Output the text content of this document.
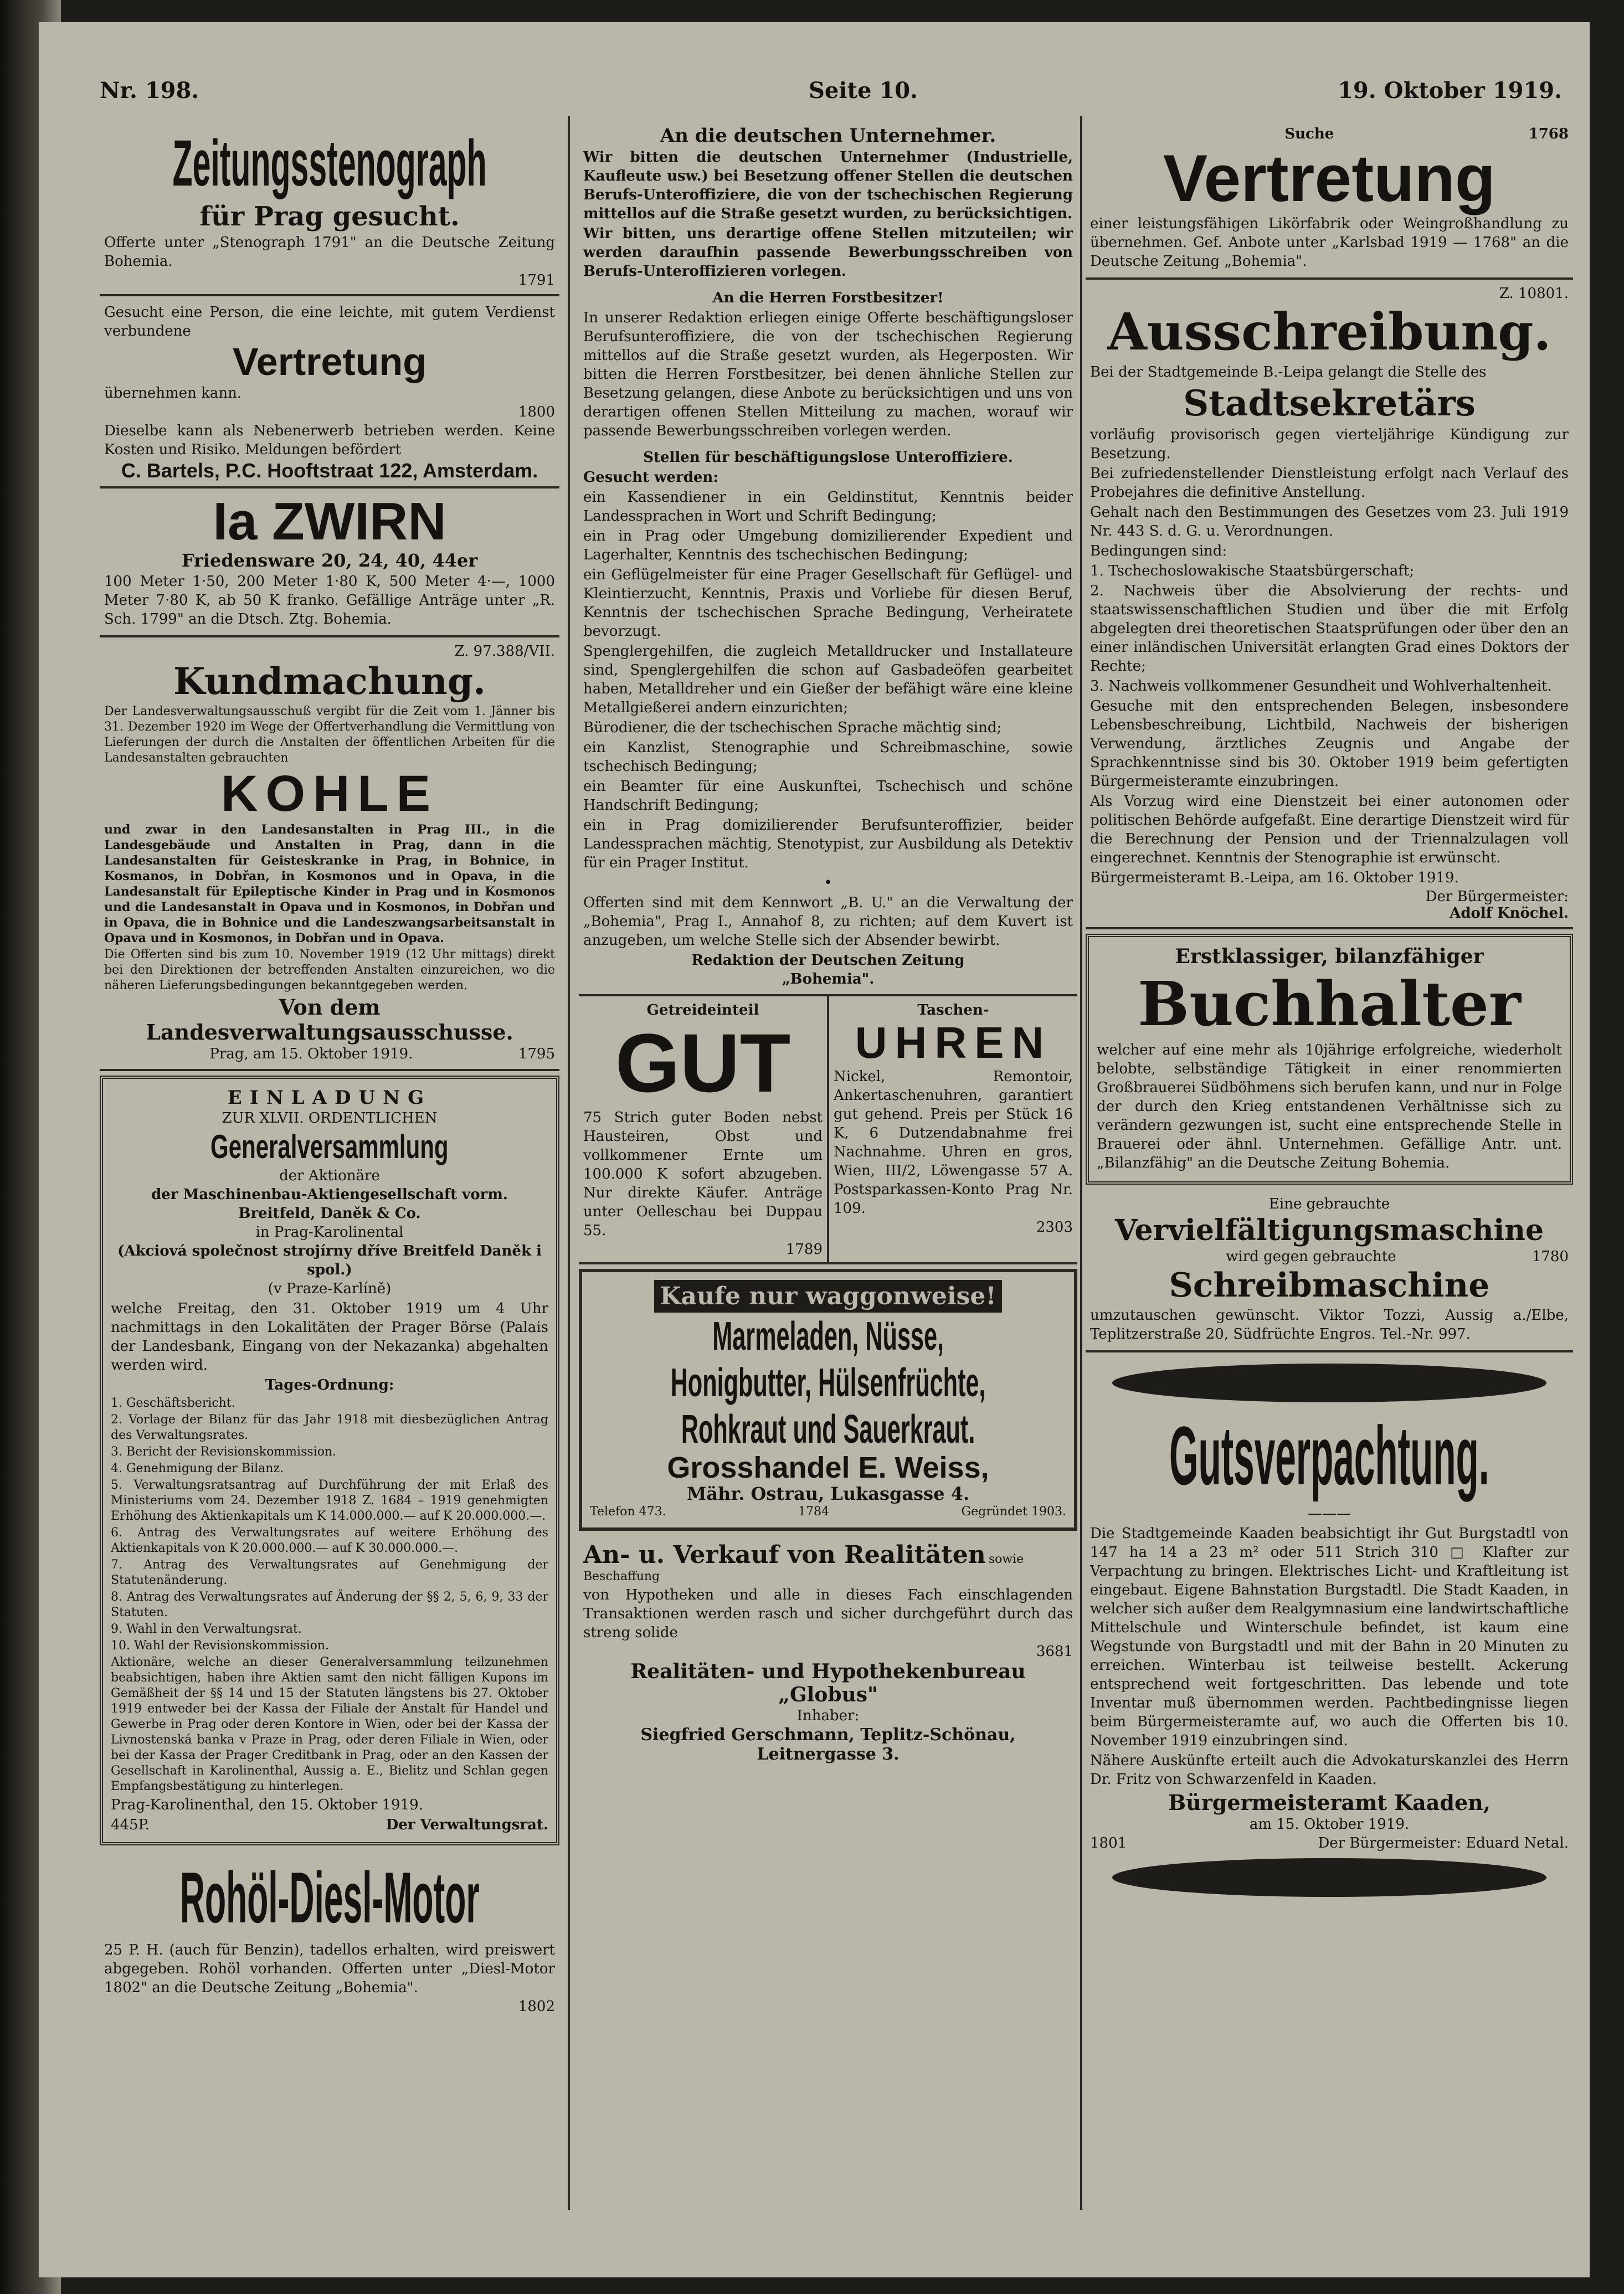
Nr. 198.	Seite 10.	19. Oktober 1919.
Zeitungsstenograph
für Prag gesucht.

Offerte unter „Stenograph 1791" an die Deutsche Zeitung Bohemia.

1791

Gesucht eine Person, die eine leichte, mit gutem Verdienst verbundene

Vertretung

übernehmen kann.

1800

Dieselbe kann als Nebenerwerb betrieben werden. Keine Kosten und Risiko. Meldungen befördert

C. Bartels, P.C. Hooftstraat 122, Amsterdam.
Ia ZWIRN
Friedensware 20, 24, 40, 44er

100 Meter 1·50, 200 Meter 1·80 K, 500 Meter 4·—, 1000 Meter 7·80 K, ab 50 K franko. Gefällige Anträge unter „R. Sch. 1799" an die Dtsch. Ztg. Bohemia.

Z. 97.388/VII.
Kundmachung.

Der Landesverwaltungsausschuß vergibt für die Zeit vom 1. Jänner bis 31. Dezember 1920 im Wege der Offertverhandlung die Vermittlung von Lieferungen der durch die Anstalten der öffentlichen Arbeiten für die Landesanstalten gebrauchten

KOHLE

und zwar in den Landesanstalten in Prag III., in die Landesgebäude und Anstalten in Prag, dann in die Landesanstalten für Geisteskranke in Prag, in Bohnice, in Kosmanos, in Dobřan, in Kosmonos und in Opava, in die Landesanstalt für Epileptische Kinder in Prag und in Kosmonos und die Landesanstalt in Opava und in Kosmonos, in Dobřan und in Opava, die in Bohnice und die Landeszwangsarbeitsanstalt in Opava und in Kosmonos, in Dobřan und in Opava.

Die Offerten sind bis zum 10. November 1919 (12 Uhr mittags) direkt bei den Direktionen der betreffenden Anstalten einzureichen, wo die näheren Lieferungsbedingungen bekanntgegeben werden.

Von dem Landesverwaltungsausschusse.
Prag, am 15. Oktober 1919.	1795
EINLADUNG
ZUR XLVII. ORDENTLICHEN
Generalversammlung
der Aktionäre
der Maschinenbau-Aktiengesellschaft vorm. Breitfeld, Daněk & Co.
in Prag-Karolinental
(Akciová společnost strojírny dříve Breitfeld Daněk i spol.)
(v Praze-Karlíně)

welche Freitag, den 31. Oktober 1919 um 4 Uhr nachmittags in den Lokalitäten der Prager Börse (Palais der Landesbank, Eingang von der Nekazanka) abgehalten werden wird.

Tages-Ordnung:

1. Geschäftsbericht.

2. Vorlage der Bilanz für das Jahr 1918 mit diesbezüglichen Antrag des Verwaltungsrates.

3. Bericht der Revisionskommission.

4. Genehmigung der Bilanz.

5. Verwaltungsratsantrag auf Durchführung der mit Erlaß des Ministeriums vom 24. Dezember 1918 Z. 1684 – 1919 genehmigten Erhöhung des Aktienkapitals um K 14.000.000.— auf K 20.000.000.—.

6. Antrag des Verwaltungsrates auf weitere Erhöhung des Aktienkapitals von K 20.000.000.— auf K 30.000.000.—.

7. Antrag des Verwaltungsrates auf Genehmigung der Statutenänderung.

8. Antrag des Verwaltungsrates auf Änderung der §§ 2, 5, 6, 9, 33 der Statuten.

9. Wahl in den Verwaltungsrat.

10. Wahl der Revisionskommission.

Aktionäre, welche an dieser Generalversammlung teilzunehmen beabsichtigen, haben ihre Aktien samt den nicht fälligen Kupons im Gemäßheit der §§ 14 und 15 der Statuten längstens bis 27. Oktober 1919 entweder bei der Kassa der Filiale der Anstalt für Handel und Gewerbe in Prag oder deren Kontore in Wien, oder bei der Kassa der Livnostenská banka v Praze in Prag, oder deren Filiale in Wien, oder bei der Kassa der Prager Creditbank in Prag, oder an den Kassen der Gesellschaft in Karolinenthal, Aussig a. E., Bielitz und Schlan gegen Empfangsbestätigung zu hinterlegen.

Prag-Karolinenthal, den 15. Oktober 1919.

445P.	Der Verwaltungsrat.
Rohöl-Diesl-Motor

25 P. H. (auch für Benzin), tadellos erhalten, wird preiswert abgegeben. Rohöl vorhanden. Offerten unter „Diesl-Motor 1802" an die Deutsche Zeitung „Bohemia".

1802
An die deutschen Unternehmer.

Wir bitten die deutschen Unternehmer (Industrielle, Kaufleute usw.) bei Besetzung offener Stellen die deutschen Berufs-Unteroffiziere, die von der tschechischen Regierung mittellos auf die Straße gesetzt wurden, zu berücksichtigen.

Wir bitten, uns derartige offene Stellen mitzuteilen; wir werden daraufhin passende Bewerbungsschreiben von Berufs-Unteroffizieren vorlegen.

An die Herren Forstbesitzer!

In unserer Redaktion erliegen einige Offerte beschäftigungsloser Berufsunteroffiziere, die von der tschechischen Regierung mittellos auf die Straße gesetzt wurden, als Hegerposten. Wir bitten die Herren Forstbesitzer, bei denen ähnliche Stellen zur Besetzung gelangen, diese Anbote zu berücksichtigen und uns von derartigen offenen Stellen Mitteilung zu machen, worauf wir passende Bewerbungsschreiben vorlegen werden.

Stellen für beschäftigungslose Unteroffiziere.

Gesucht werden:

ein Kassendiener in ein Geldinstitut, Kenntnis beider Landessprachen in Wort und Schrift Bedingung;

ein in Prag oder Umgebung domizilierender Expedient und Lagerhalter, Kenntnis des tschechischen Bedingung;

ein Geflügelmeister für eine Prager Gesellschaft für Geflügel- und Kleintierzucht, Kenntnis, Praxis und Vorliebe für diesen Beruf, Kenntnis der tschechischen Sprache Bedingung, Verheiratete bevorzugt.

Spenglergehilfen, die zugleich Metalldrucker und Installateure sind, Spenglergehilfen die schon auf Gasbadeöfen gearbeitet haben, Metalldreher und ein Gießer der befähigt wäre eine kleine Metallgießerei andern einzurichten;

Bürodiener, die der tschechischen Sprache mächtig sind;

ein Kanzlist, Stenographie und Schreibmaschine, sowie tschechisch Bedingung;

ein Beamter für eine Auskunftei, Tschechisch und schöne Handschrift Bedingung;

ein in Prag domizilierender Berufsunteroffizier, beider Landessprachen mächtig, Stenotypist, zur Ausbildung als Detektiv für ein Prager Institut.

•

Offerten sind mit dem Kennwort „B. U." an die Verwaltung der „Bohemia", Prag I., Annahof 8, zu richten; auf dem Kuvert ist anzugeben, um welche Stelle sich der Absender bewirbt.

Redaktion der Deutschen Zeitung
„Bohemia".
Getreideinteil
GUT

75 Strich guter Boden nebst Hausteiren, Obst und vollkommener Ernte um 100.000 K sofort abzugeben. Nur direkte Käufer. Anträge unter Oelleschau bei Duppau 55.

1789
Taschen-
UHREN

Nickel, Remontoir, Ankertaschenuhren, garantiert gut gehend. Preis per Stück 16 K, 6 Dutzendabnahme frei Nachnahme. Uhren en gros, Wien, III/2, Löwengasse 57 A. Postsparkassen-Konto Prag Nr. 109.

2303
Kaufe nur waggonweise!
Marmeladen, Nüsse,
Honigbutter, Hülsenfrüchte,
Rohkraut und Sauerkraut.
Grosshandel E. Weiss,
Mähr. Ostrau, Lukasgasse 4.
Telefon 473.	1784	Gegründet 1903.
An- u. Verkauf von Realitäten sowie Beschaffung

von Hypotheken und alle in dieses Fach einschlagenden Transaktionen werden rasch und sicher durchgeführt durch das streng solide

3681
Realitäten- und Hypothekenbureau „Globus"
Inhaber:
Siegfried Gerschmann, Teplitz-Schönau, Leitnergasse 3.
Suche	1768
Vertretung

einer leistungsfähigen Likörfabrik oder Weingroßhandlung zu übernehmen. Gef. Anbote unter „Karlsbad 1919 — 1768" an die Deutsche Zeitung „Bohemia".

Z. 10801.
Ausschreibung.

Bei der Stadtgemeinde B.-Leipa gelangt die Stelle des

Stadtsekretärs

vorläufig provisorisch gegen vierteljährige Kündigung zur Besetzung.

Bei zufriedenstellender Dienstleistung erfolgt nach Verlauf des Probejahres die definitive Anstellung.

Gehalt nach den Bestimmungen des Gesetzes vom 23. Juli 1919 Nr. 443 S. d. G. u. Verordnungen.

Bedingungen sind:

1. Tschechoslowakische Staatsbürgerschaft;

2. Nachweis über die Absolvierung der rechts- und staatswissenschaftlichen Studien und über die mit Erfolg abgelegten drei theoretischen Staatsprüfungen oder über den an einer inländischen Universität erlangten Grad eines Doktors der Rechte;

3. Nachweis vollkommener Gesundheit und Wohlverhaltenheit.

Gesuche mit den entsprechenden Belegen, insbesondere Lebensbeschreibung, Lichtbild, Nachweis der bisherigen Verwendung, ärztliches Zeugnis und Angabe der Sprachkenntnisse sind bis 30. Oktober 1919 beim gefertigten Bürgermeisteramte einzubringen.

Als Vorzug wird eine Dienstzeit bei einer autonomen oder politischen Behörde aufgefaßt. Eine derartige Dienstzeit wird für die Berechnung der Pension und der Triennalzulagen voll eingerechnet. Kenntnis der Stenographie ist erwünscht.

Bürgermeisteramt B.-Leipa, am 16. Oktober 1919.

Der Bürgermeister:
Adolf Knöchel.
Erstklassiger, bilanzfähiger
Buchhalter

welcher auf eine mehr als 10jährige erfolgreiche, wiederholt belobte, selbständige Tätigkeit in einer renommierten Großbrauerei Südböhmens sich berufen kann, und nur in Folge der durch den Krieg entstandenen Verhältnisse sich zu verändern gezwungen ist, sucht eine entsprechende Stelle in Brauerei oder ähnl. Unternehmen. Gefällige Antr. unt. „Bilanzfähig" an die Deutsche Zeitung Bohemia.

Eine gebrauchte
Vervielfältigungsmaschine
wird gegen gebrauchte	1780
Schreibmaschine

umzutauschen gewünscht. Viktor Tozzi, Aussig a./Elbe, Teplitzerstraße 20, Südfrüchte Engros. Tel.-Nr. 997.

Gutsverpachtung.
———

Die Stadtgemeinde Kaaden beabsichtigt ihr Gut Burgstadtl von 147 ha 14 a 23 m² oder 511 Strich 310 □ Klafter zur Verpachtung zu bringen. Elektrisches Licht- und Kraftleitung ist eingebaut. Eigene Bahnstation Burgstadtl. Die Stadt Kaaden, in welcher sich außer dem Realgymnasium eine landwirtschaftliche Mittelschule und Winterschule befindet, ist kaum eine Wegstunde von Burgstadtl und mit der Bahn in 20 Minuten zu erreichen. Winterbau ist teilweise bestellt. Ackerung entsprechend weit fortgeschritten. Das lebende und tote Inventar muß übernommen werden. Pachtbedingnisse liegen beim Bürgermeisteramte auf, wo auch die Offerten bis 10. November 1919 einzubringen sind.

Nähere Auskünfte erteilt auch die Advokaturskanzlei des Herrn Dr. Fritz von Schwarzenfeld in Kaaden.

Bürgermeisteramt Kaaden,
am 15. Oktober 1919.
1801	Der Bürgermeister: Eduard Netal.
